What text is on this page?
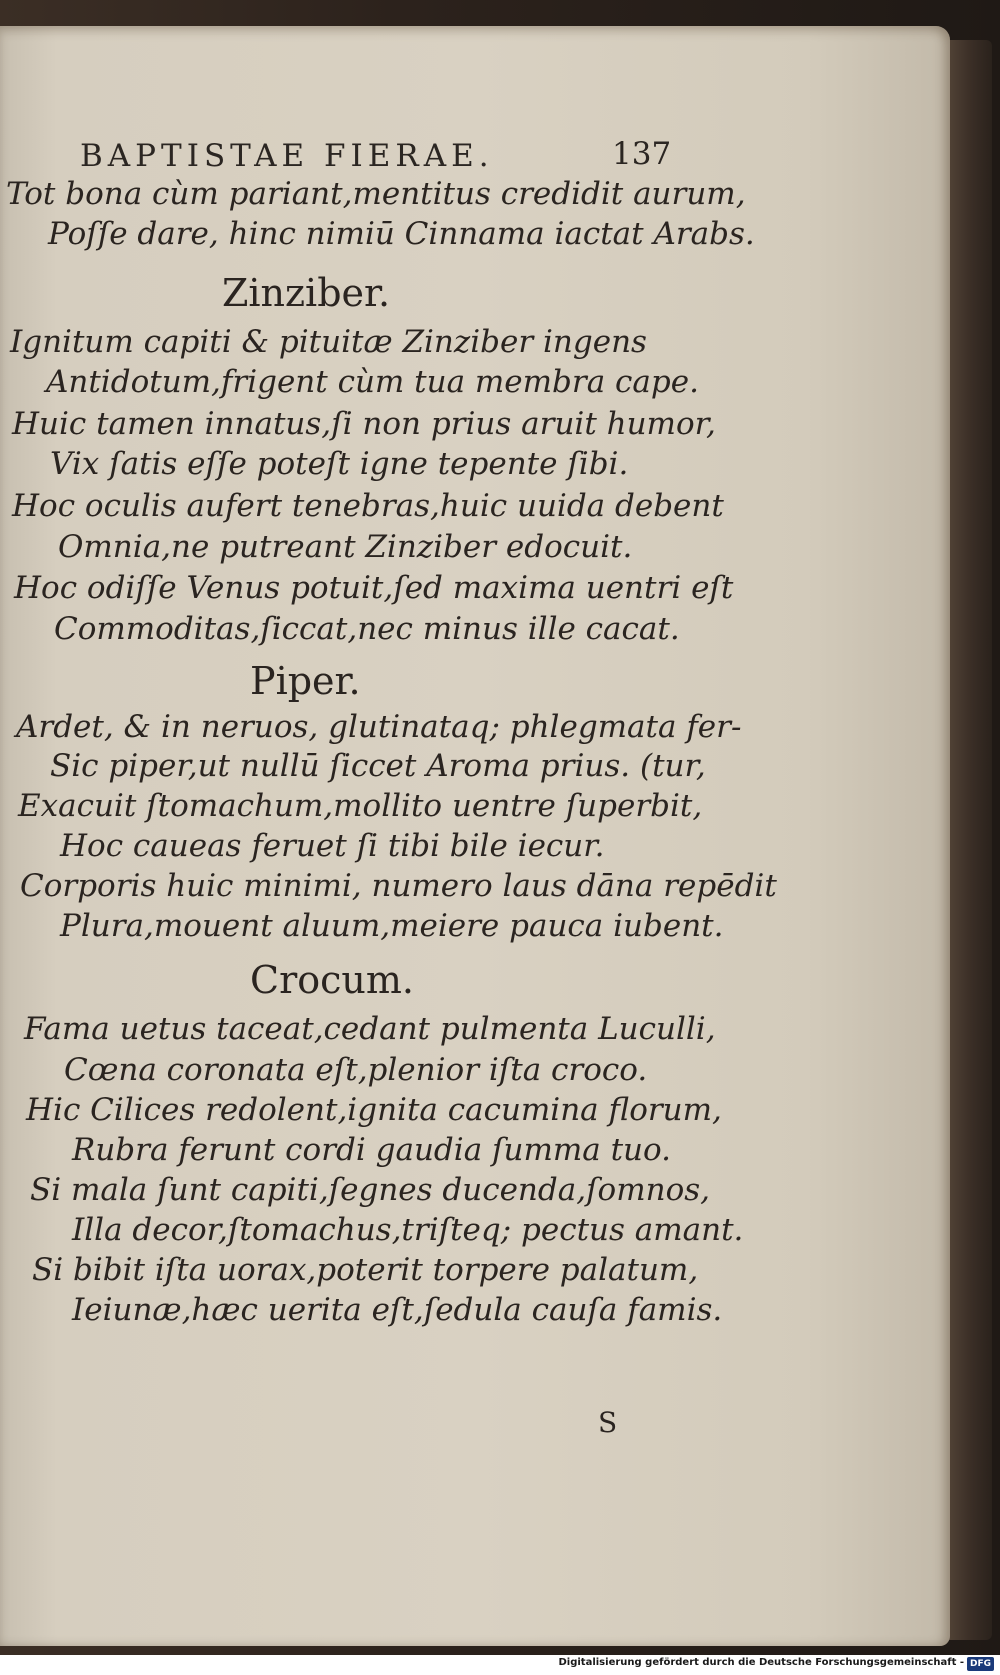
BAPTISTAE FIERAE.	137
Tot bona cùm pariant,mentitus credidit aurum,
Poſſe dare, hinc nimiū Cinnama iactat Arabs.
Zinziber.
Ignitum capiti & pituitæ Zinziber ingens
Antidotum,frigent cùm tua membra cape.
Huic tamen innatus,ſi non prius aruit humor,
Vix ſatis eſſe poteſt igne tepente ſibi.
Hoc oculis aufert tenebras,huic uuida debent
Omnia,ne putreant Zinziber edocuit.
Hoc odiſſe Venus potuit,ſed maxima uentri eſt
Commoditas,ſiccat,nec minus ille cacat.
Piper.
Ardet, & in neruos, glutinataq; phlegmata fer-
Sic piper,ut nullū ſiccet Aroma prius. (tur,
Exacuit ſtomachum,mollito uentre ſuperbit,
Hoc caueas feruet ſi tibi bile iecur.
Corporis huic minimi, numero laus dāna repēdit
Plura,mouent aluum,meiere pauca iubent.
Crocum.
Fama uetus taceat,cedant pulmenta Luculli,
Cœna coronata eſt,plenior iſta croco.
Hic Cilices redolent,ignita cacumina florum,
Rubra ferunt cordi gaudia ſumma tuo.
Si mala ſunt capiti,ſegnes ducenda,ſomnos,
Illa decor,ſtomachus,triſteq; pectus amant.
Si bibit iſta uorax,poterit torpere palatum,
Ieiunæ,hæc uerita eſt,ſedula cauſa famis.
S
Digitalisierung gefördert durch die Deutsche Forschungsgemeinschaft - DFG
